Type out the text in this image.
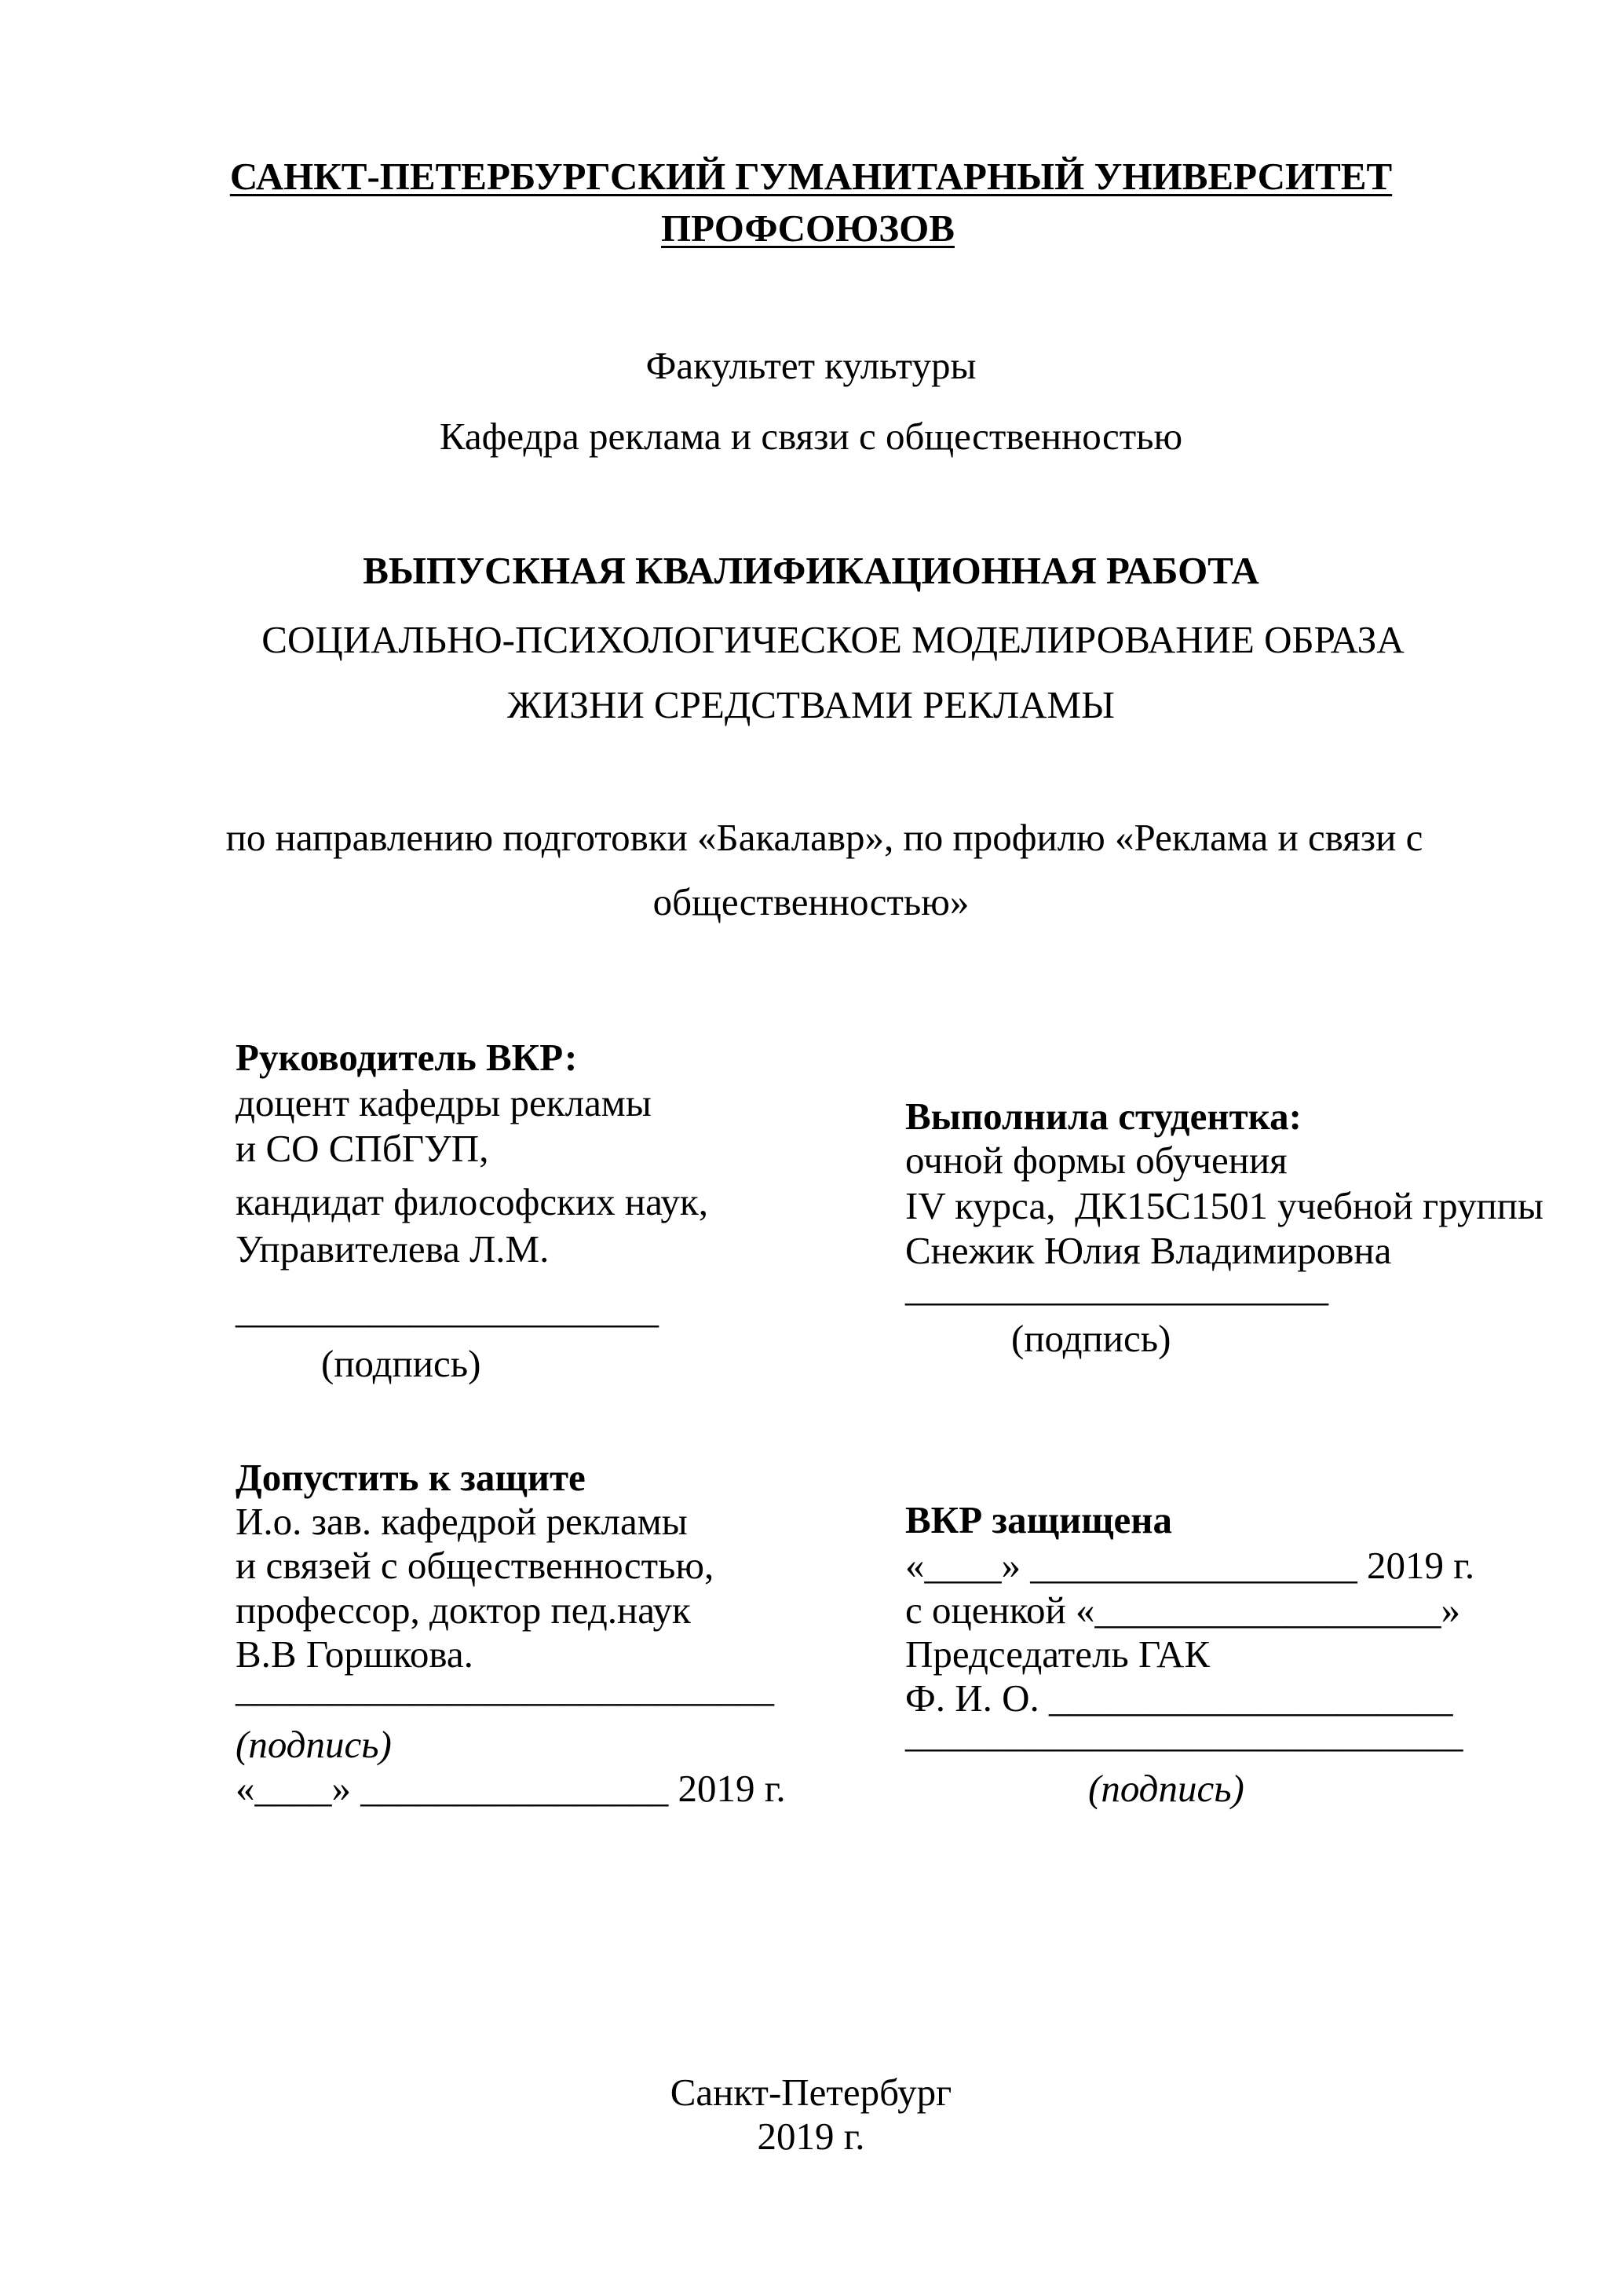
САНКТ-ПЕТЕРБУРГСКИЙ ГУМАНИТАРНЫЙ УНИВЕРСИТЕТ
ПРОФСОЮЗОВ
Факультет культуры
Кафедра реклама и связи с общественностью
ВЫПУСКНАЯ КВАЛИФИКАЦИОННАЯ РАБОТА
СОЦИАЛЬНО-ПСИХОЛОГИЧЕСКОЕ МОДЕЛИРОВАНИЕ ОБРАЗА
ЖИЗНИ СРЕДСТВАМИ РЕКЛАМЫ
по направлению подготовки «Бакалавр», по профилю «Реклама и связи с
общественностью»
Руководитель ВКР:
доцент кафедры рекламы
и СО СПбГУП,
кандидат философских наук,
Управителева Л.М.
______________________
(подпись)
Выполнила студентка:
очной формы обучения
IV курса,  ДК15С1501 учебной группы
Снежик Юлия Владимировна
______________________
(подпись)
Допустить к защите
И.о. зав. кафедрой рекламы
и связей с общественностью,
профессор, доктор пед.наук
В.В Горшкова.
____________________________
(подпись)
«____» ________________ 2019 г.
ВКР защищена
«____» _________________ 2019 г.
с оценкой «__________________»
Председатель ГАК
Ф. И. О. _____________________
_____________________________
(подпись)
Санкт-Петербург
2019 г.
